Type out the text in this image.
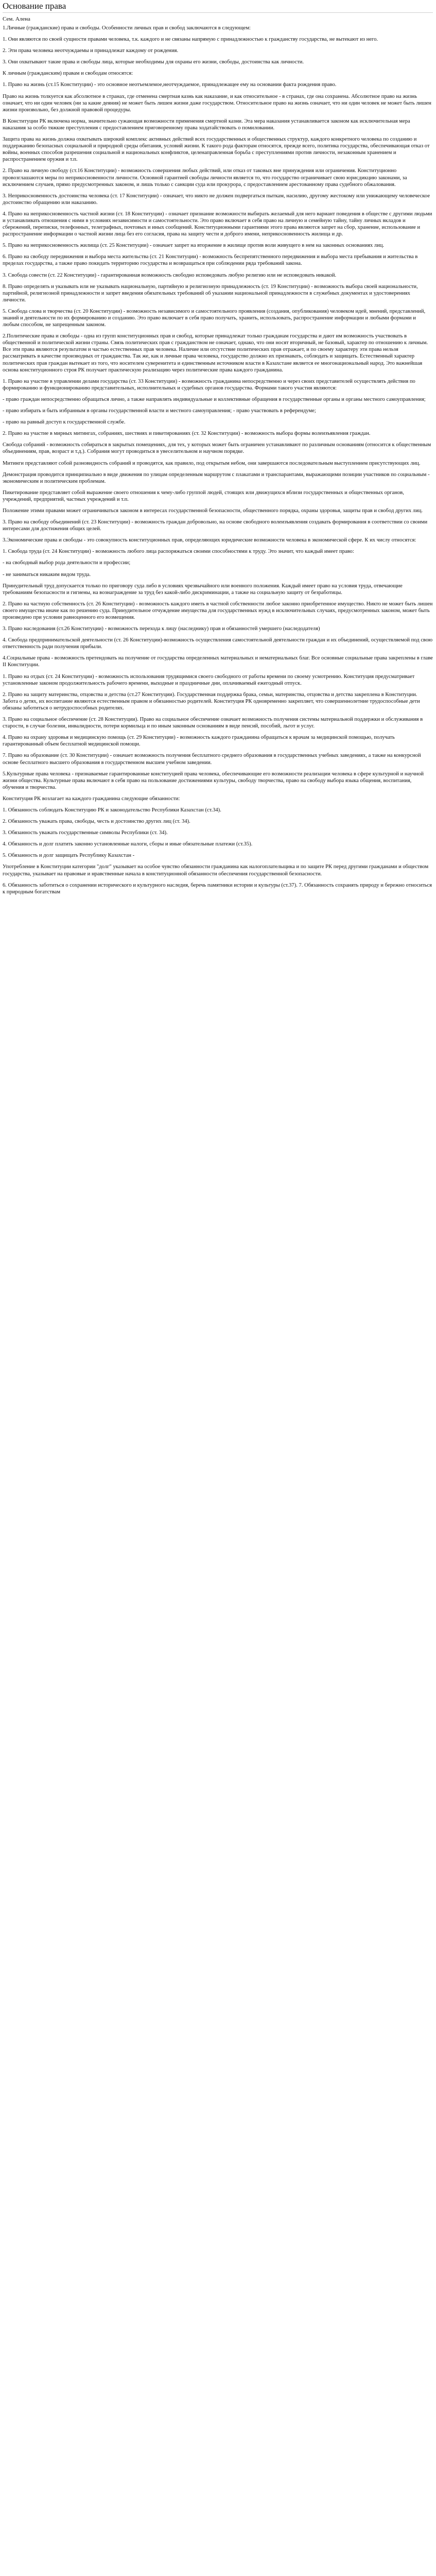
Основание права
Сем. Алена

1.Личные (гражданские) права и свободы. Особенности личных прав и свобод заключаются в следующем:

1. Они являются по своей сущности правами человека, т.к. каждого и не связаны напрямую с принадлежностью к гражданству государства, не вытекают из него.

2. Эти права человека неотчуждаемы и принадлежат каждому от рождения.

3. Они охватывают такие права и свободы лица, которые необходимы для охраны его жизни, свободы, достоинства как личности.

К личным (гражданским) правам и свободам относятся:

1. Право на жизнь (ст.15 Конституции) - это основное неотъемлемое,неотчуждаемое, принадлежащее ему на основании факта рождения право.

Право на жизнь толкуется как абсолютное в странах, где отменена смертная казнь как наказание, и как относительное - в странах, где она сохранена. Абсолютное право на жизнь означает, что ни один человек (ни за какие деяния) не может быть лишен жизни даже государством. Относительное право на жизнь означает, что ни один человек не может быть лишен жизни произвольно, без должной правовой процедуры.

В Конституции РК включена норма, значительно сужающая возможности применения смертной казни. Эта мера наказания устанавливается законом как исключительная мера наказания за особо тяжкие преступления с предоставлением приговоренному права ходатайствовать о помиловании.

Защита права на жизнь должна охватывать широкий комплекс активных действий всех государственных и общественных структур, каждого конкретного человека по созданию и поддержанию безопасных социальной и природной среды обитания, условий жизни. К такого рода факторам относятся, прежде всего, политика государства, обеспечивающая отказ от войны, военных способов разрешения социальной и национальных конфликтов, целенаправленная борьба с преступлениями против личности, незаконным хранением и распространением оружия и т.п.

2. Право на личную свободу (ст.16 Конституции) - возможность совершения любых действий, или отказ от таковых вне принуждения или ограничения. Конституционно провозглашаются меры по неприкосновенности личности. Основной гарантией свободы личности является то, что государство ограничивает свою юрисдикцию законами, за исключением случаев, прямо предусмотренных законом, и лишь только с санкции суда или прокурора, с предоставлением арестованному права судебного обжалования.

3. Неприкосновенность достоинства человека (ст. 17 Конституции) - означает, что никто не должен подвергаться пыткам, насилию, другому жестокому или унижающему человеческое достоинство обращению или наказанию.

4. Право на неприкосновенность частной жизни (ст. 18 Конституции) - означает признание возможности выбирать желаемый для него вариант поведения в обществе с другими людьми и устанавливать отношения с ними в условиях независимости и самостоятельности. Это право включает в себя право на личную и семейную тайну, тайну личных вкладов и сбережений, переписки, телефонных, телеграфных, почтовых и иных сообщений. Конституционными гарантиями этого права являются запрет на сбор, хранение, использование и распространение информации о частной жизни лица без его согласия, права на защиту чести и доброго имени, неприкосновенность жилища и др.

5. Право на неприкосновенность жилища (ст. 25 Конституции) - означает запрет на вторжение в жилище против воли живущего в нем на законных основаниях лиц.

6. Право на свободу передвижения и выбора места жительства (ст. 21 Конституции) - возможность беспрепятственного передвижения и выбора места пребывания и жительства в пределах государства, а также право покидать территорию государства и возвращаться при соблюдении ряда требований закона.

3. Свобода совести (ст. 22 Конституции) - гарантированная возможность свободно исповедовать любую религию или не исповедовать никакой.

8. Право определять и указывать или не указывать национальную, партийную и религиозную принадлежность (ст. 19 Конституции) - возможность выбора своей национальности, партийной, религиозной принадлежности и запрет введения обязательных требований об указании национальной принадлежности в служебных документах и удостоверениях личности.

5. Свобода слова и творчества (ст. 20 Конституции) - возможность независимого и самостоятельного проявления (создания, опубликования) человеком идей, мнений, представлений, знаний и деятельности по их формированию и созданию. Это право включает в себя право получать, хранить, использовать, распространение информации и любыми формами и любым способом, не запрещенным законом.

2.Политические права и свободы - одна из групп конституционных прав и свобод, которые принадлежат только гражданам государства и дают им возможность участвовать в общественной и политической жизни страны. Связь политических прав с гражданством не означает, однако, что они носят вторичный, не базовый, характер по отношению к личным. Все эти права являются результатом и частью естественных прав человека. Наличие или отсутствие политических прав отражает, и по своему характеру эти права нельзя рассматривать в качестве производных от гражданства. Так же, как и личные права человека, государство должно их признавать, соблюдать и защищать. Естественный характер политических прав граждан вытекает из того, что носителем суверенитета и единственным источником власти в Казахстане является ее многонациональный народ. Это важнейшая основа конституционного строя РК получает практическую реализацию через политические права каждого гражданина.

1. Право на участие в управлении делами государства (ст. 33 Конституции) - возможность гражданина непосредственно и через своих представителей осуществлять действия по формированию и функционированию представительных, исполнительных и судебных органов государства. Формами такого участия являются:

- право граждан непосредственно обращаться лично, а также направлять индивидуальные и коллективные обращения в государственные органы и органы местного самоуправления;

- право избирать и быть избранным в органы государственной власти и местного самоуправления; - право участвовать в референдуме;

- право на равный доступ к государственной службе.

2. Право на участие в мирных митингах, собраниях, шествиях и пикетированиях (ст. 32 Конституции) - возможность выбора формы волеизъявления граждан.

Свобода собраний - возможность собираться в закрытых помещениях, для тех, у которых может быть ограничен устанавливают по различным основаниям (относится к общественным объединениям, прав, возраст и т.д.). Собрания могут проводиться в увеселительном и научном порядке.

Митинги представляют собой разновидность собраний и проводятся, как правило, под открытым небом, они завершаются последовательным выступлением присутствующих лиц.

Демонстрация проводится принципиально в виде движения по улицам определенным маршрутом с плакатами и транспарантами, выражающими позиции участников по социальным - экономическим и политическим проблемам.

Пикетирование представляет собой выражение своего отношения к чему-либо группой людей, стоящих или движущихся вблизи государственных и общественных органов, учреждений, предприятий, частных учреждений и т.п.

Положение этими правами может ограничиваться законом в интересах государственной безопасности, общественного порядка, охраны здоровья, защиты прав и свобод других лиц.

3. Право на свободу объединений (ст. 23 Конституции) - возможность граждан добровольно, на основе свободного волеизъявления создавать формирования в соответствии со своими интересами для достижения общих целей.

3.Экономические права и свободы - это совокупность конституционных прав, определяющих юридические возможности человека в экономической сфере. К их числу относятся:

1. Свобода труда (ст. 24 Конституции) - возможность любого лица распоряжаться своими способностями к труду. Это значит, что каждый имеет право:

- на свободный выбор рода деятельности и профессии;

- не заниматься никаким видом труда.

Принудительный труд допускается только по приговору суда либо в условиях чрезвычайного или военного положения. Каждый имеет право на условия труда, отвечающие требованиям безопасности и гигиены, на вознаграждение за труд без какой-либо дискриминации, а также на социальную защиту от безработицы.

2. Право на частную собственность (ст. 26 Конституции) - возможность каждого иметь в частной собственности любое законно приобретенное имущество. Никто не может быть лишен своего имущества иначе как по решению суда. Принудительное отчуждение имущества для государственных нужд в исключительных случаях, предусмотренных законом, может быть произведено при условии равноценного его возмещения.

3. Право наследования (ст.26 Конституции) - возможность перехода к лицу (наследнику) прав и обязанностей умершего (наследодателя)

4. Свобода предпринимательской деятельности (ст. 26 Конституции)-возможность осуществления самостоятельной деятельности граждан и их объединений, осуществляемой под свою ответственность ради получения прибыли.

4.Социальные права - возможность претендовать на получение от государства определенных материальных и нематериальных благ. Все основные социальные права закреплены в главе II Конституции.

1. Право на отдых (ст. 24 Конституции) - возможность использования трудящимися своего свободного от работы времени по своему усмотрению. Конституция предусматривает установленные законом продолжительность рабочего времени, выходные и праздничные дни, оплачиваемый ежегодный отпуск.

2. Право на защиту материнства, отцовства и детства (ст.27 Конституции). Государственная поддержка брака, семьи, материнства, отцовства и детства закреплена в Конституции. Забота о детях, их воспитание являются естественным правом и обязанностью родителей. Конституция РК одновременно закрепляет, что совершеннолетние трудоспособные дети обязаны заботиться о нетрудоспособных родителях.

3. Право на социальное обеспечение (ст. 28 Конституции). Право на социальное обеспечение означает возможность получения системы материальной поддержки и обслуживания в старости, в случае болезни, инвалидности, потери кормильца и по иным законным основаниям в виде пенсий, пособий, льгот и услуг.

4. Право на охрану здоровья и медицинскую помощь (ст. 29 Конституции) - возможность каждого гражданина обращаться к врачам за медицинской помощью, получать гарантированный объем бесплатной медицинской помощи.

7. Право на образование (ст. 30 Конституции) - означает возможность получения бесплатного среднего образования в государственных учебных заведениях, а также на конкурсной основе бесплатного высшего образования в государственном высшем учебном заведении.

5.Культурные права человека - признаваемые гарантированные конституцией права человека, обеспечивающие его возможности реализации человека в сфере культурной и научной жизни общества. Культурные права включают в себя право на пользование достижениями культуры, свободу творчества, право на свободу выбора языка общения, воспитания, обучения и творчества.

Конституция РК возлагает на каждого гражданина следующие обязанности:

1. Обязанность соблюдать Конституцию РК и законодательство Республики Казахстан (ст.34).

2. Обязанность уважать права, свободы, честь и достоинство других лиц (ст. 34).

3. Обязанность уважать государственные символы Республики (ст. 34).

4. Обязанность и долг платить законно установленные налоги, сборы и иные обязательные платежи (ст.35).

5. Обязанность и долг защищать Республику Казахстан -

Употребление в Конституции категории "долг" указывает на особое чувство обязанности гражданина как налогоплательщика и по защите РК перед другими гражданами и обществом государства, указывает на правовые и нравственные начала в конституционной обязанности обеспечения государственной безопасности.

6. Обязанность заботиться о сохранении исторического и культурного наследия, беречь памятники истории и культуры (ст.37). 7. Обязанность сохранять природу и бережно относиться к природным богатствам
